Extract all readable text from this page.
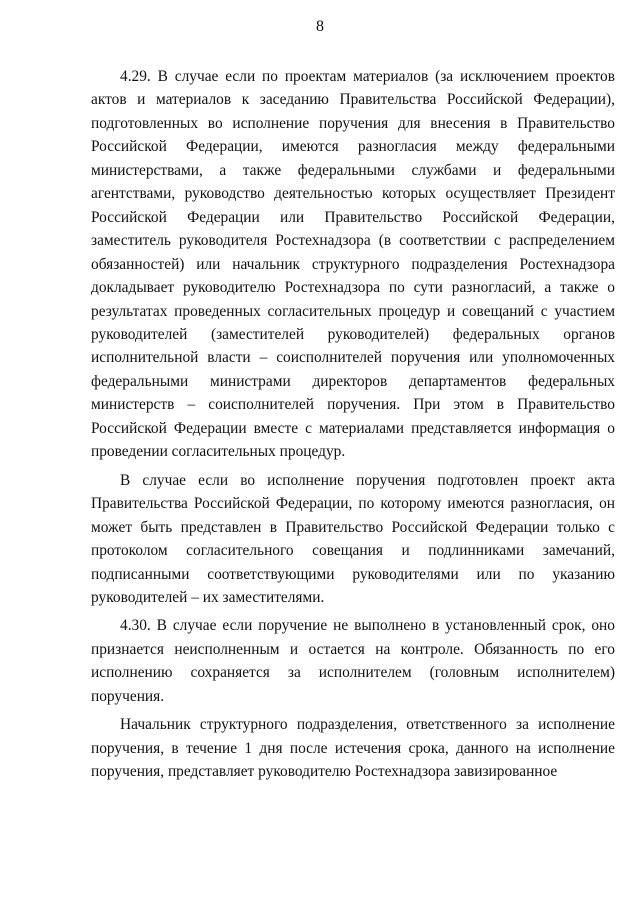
8

4.29. В случае если по проектам материалов (за исключением проектов актов и материалов к заседанию Правительства Российской Федерации), подготовленных во исполнение поручения для внесения в Правительство Российской Федерации, имеются разногласия между федеральными министерствами, а также федеральными службами и федеральными агентствами, руководство деятельностью которых осуществляет Президент Российской Федерации или Правительство Российской Федерации, заместитель руководителя Ростехнадзора (в соответствии с распределением обязанностей) или начальник структурного подразделения Ростехнадзора докладывает руководителю Ростехнадзора по сути разногласий, а также о результатах проведенных согласительных процедур и совещаний с участием руководителей (заместителей руководителей) федеральных органов исполнительной власти – соисполнителей поручения или уполномоченных федеральными министрами директоров департаментов федеральных министерств – соисполнителей поручения. При этом в Правительство Российской Федерации вместе с материалами представляется информация о проведении согласительных процедур.

В случае если во исполнение поручения подготовлен проект акта Правительства Российской Федерации, по которому имеются разногласия, он может быть представлен в Правительство Российской Федерации только с протоколом согласительного совещания и подлинниками замечаний, подписанными соответствующими руководителями или по указанию руководителей – их заместителями.

4.30. В случае если поручение не выполнено в установленный срок, оно признается неисполненным и остается на контроле. Обязанность по его исполнению сохраняется за исполнителем (головным исполнителем) поручения.

Начальник структурного подразделения, ответственного за исполнение поручения, в течение 1 дня после истечения срока, данного на исполнение поручения, представляет руководителю Ростехнадзора завизированное
